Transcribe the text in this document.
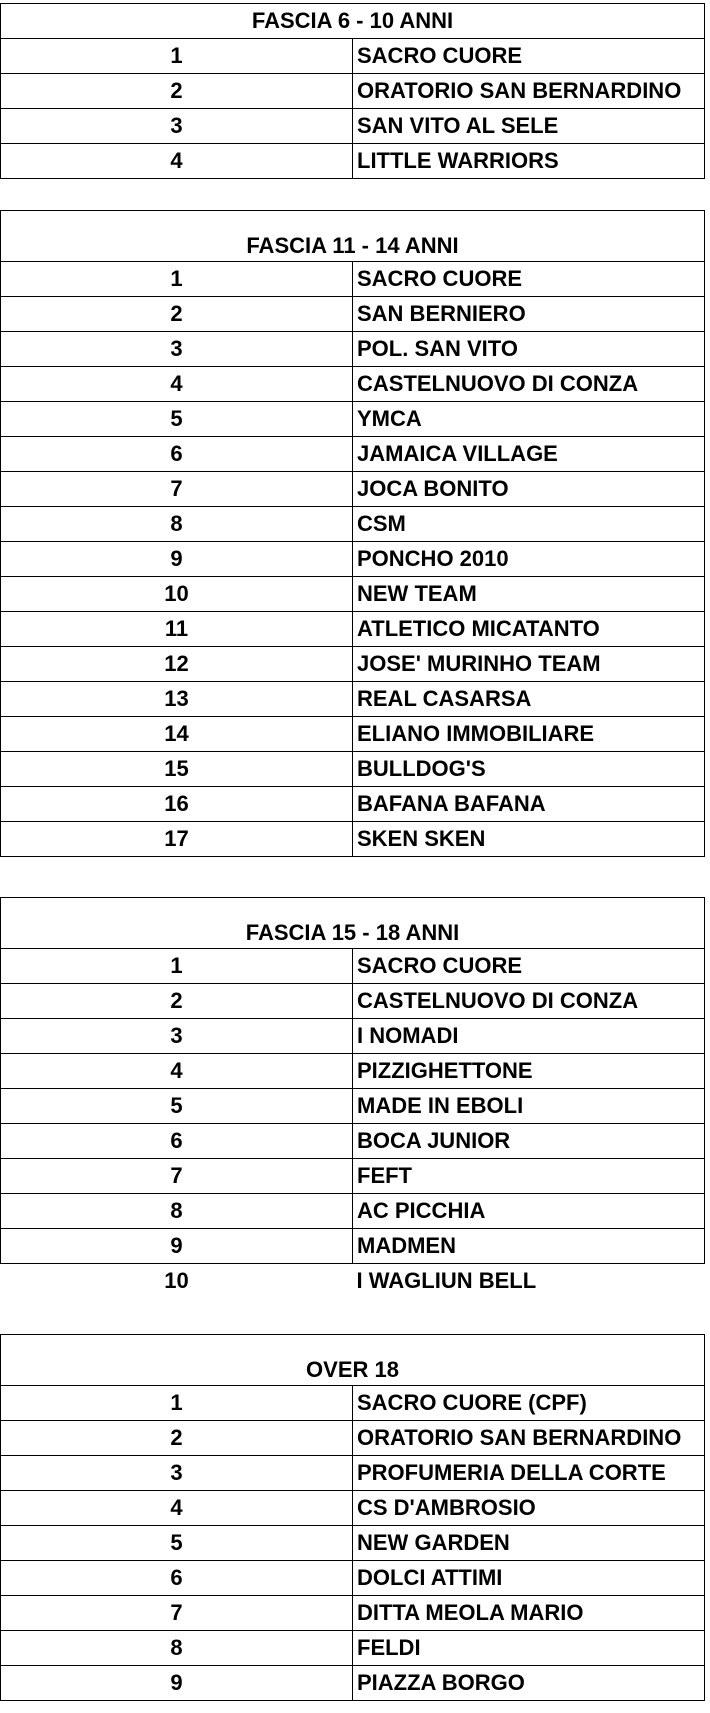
FASCIA 6 - 10 ANNI	
1	SACRO CUORE
2	ORATORIO SAN BERNARDINO
3	SAN VITO AL SELE
4	LITTLE WARRIORS
FASCIA 11 - 14 ANNI	
1	SACRO CUORE
2	SAN BERNIERO
3	POL. SAN VITO
4	CASTELNUOVO DI CONZA
5	YMCA
6	JAMAICA VILLAGE
7	JOCA BONITO
8	CSM
9	PONCHO 2010
10	NEW TEAM
11	ATLETICO MICATANTO
12	JOSE' MURINHO TEAM
13	REAL CASARSA
14	ELIANO IMMOBILIARE
15	BULLDOG'S
16	BAFANA BAFANA
17	SKEN SKEN
FASCIA 15 - 18 ANNI	
1	SACRO CUORE
2	CASTELNUOVO DI CONZA
3	I NOMADI
4	PIZZIGHETTONE
5	MADE IN EBOLI
6	BOCA JUNIOR
7	FEFT
8	AC PICCHIA
9	MADMEN
10	I WAGLIUN BELL
OVER 18	
1	SACRO CUORE (CPF)
2	ORATORIO SAN BERNARDINO
3	PROFUMERIA DELLA CORTE
4	CS D'AMBROSIO
5	NEW GARDEN
6	DOLCI ATTIMI
7	DITTA MEOLA MARIO
8	FELDI
9	PIAZZA BORGO
